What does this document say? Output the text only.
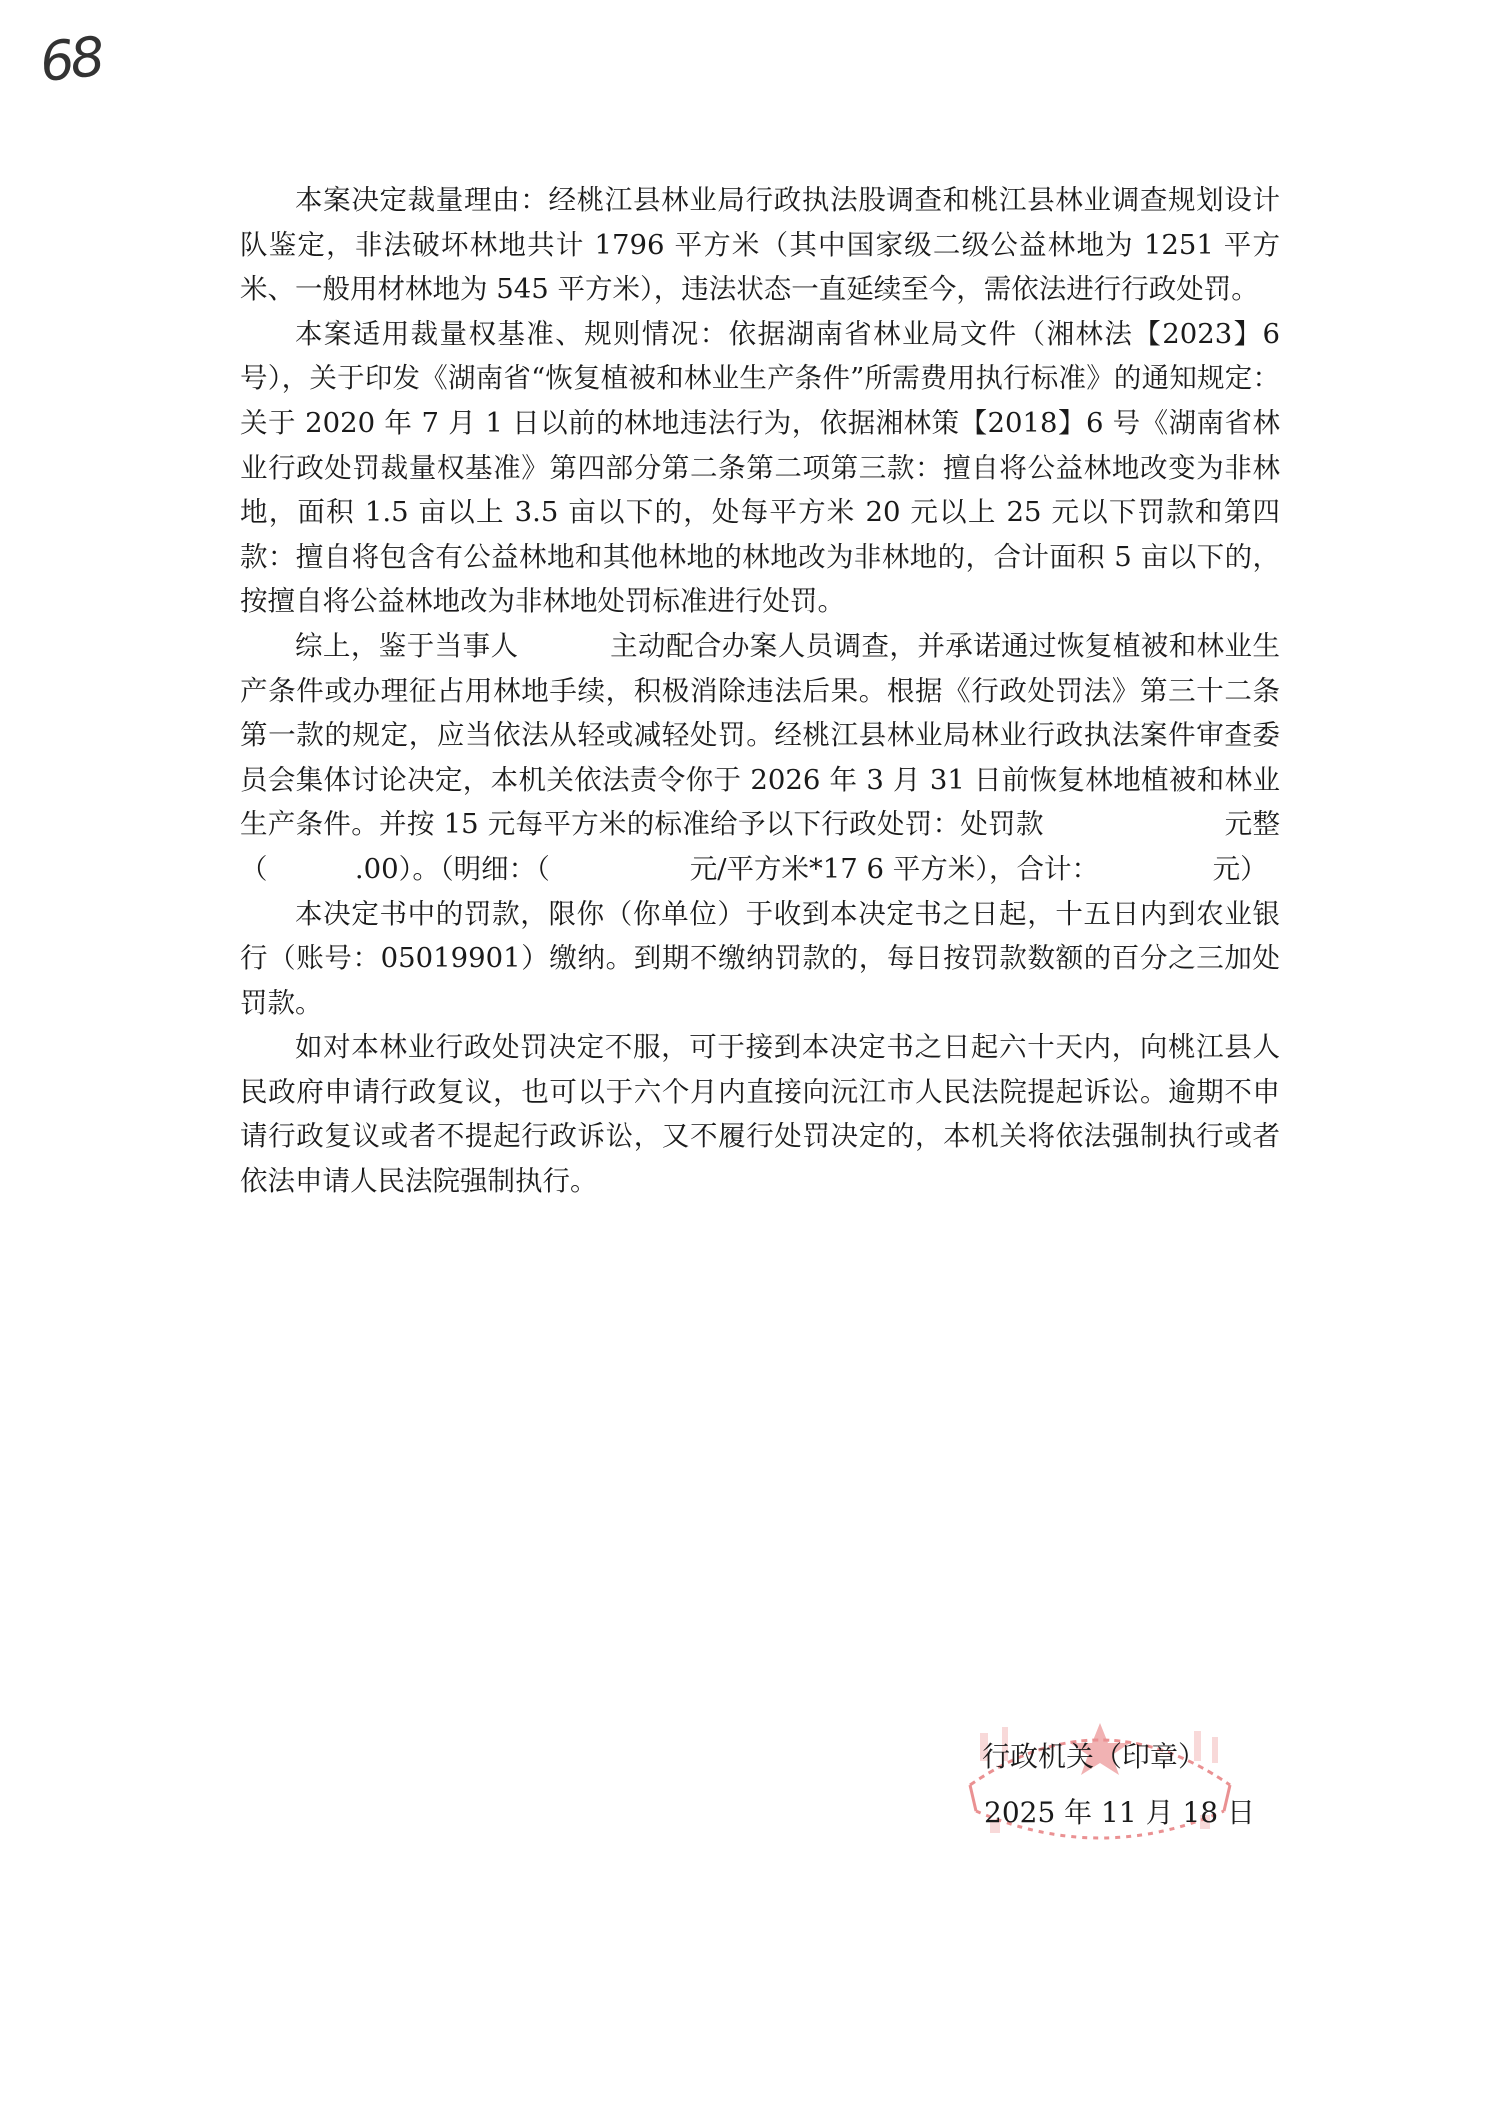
68

本案决定裁量理由：经桃江县林业局行政执法股调查和桃江县林业调查规划设计队鉴定，非法破坏林地共计 1796 平方米（其中国家级二级公益林地为 1251 平方米、一般用材林地为 545 平方米），违法状态一直延续至今，需依法进行行政处罚。

本案适用裁量权基准、规则情况：依据湖南省林业局文件（湘林法【2023】6 号），关于印发《湖南省“恢复植被和林业生产条件”所需费用执行标准》的通知规定：关于 2020 年 7 月 1 日以前的林地违法行为，依据湘林策【2018】6 号《湖南省林业行政处罚裁量权基准》第四部分第二条第二项第三款：擅自将公益林地改变为非林地，面积 1.5 亩以上 3.5 亩以下的，处每平方米 20 元以上 25 元以下罚款和第四款：擅自将包含有公益林地和其他林地的林地改为非林地的，合计面积 5 亩以下的，按擅自将公益林地改为非林地处罚标准进行处罚。

综上，鉴于当事人          主动配合办案人员调查，并承诺通过恢复植被和林业生产条件或办理征占用林地手续，积极消除违法后果。根据《行政处罚法》第三十二条第一款的规定，应当依法从轻或减轻处罚。经桃江县林业局林业行政执法案件审查委员会集体讨论决定，本机关依法责令你于 2026 年 3 月 31 日前恢复林地植被和林业生产条件。并按 15 元每平方米的标准给予以下行政处罚：处罚款                    元整（          .00）。（明细：（                元/平方米*17 6 平方米），合计：             元）

本决定书中的罚款，限你（你单位）于收到本决定书之日起，十五日内到农业银行（账号：05019901）缴纳。到期不缴纳罚款的，每日按罚款数额的百分之三加处罚款。

如对本林业行政处罚决定不服，可于接到本决定书之日起六十天内，向桃江县人民政府申请行政复议，也可以于六个月内直接向沅江市人民法院提起诉讼。逾期不申请行政复议或者不提起行政诉讼，又不履行处罚决定的，本机关将依法强制执行或者依法申请人民法院强制执行。

行政机关（印章）
2025 年 11 月 18 日
